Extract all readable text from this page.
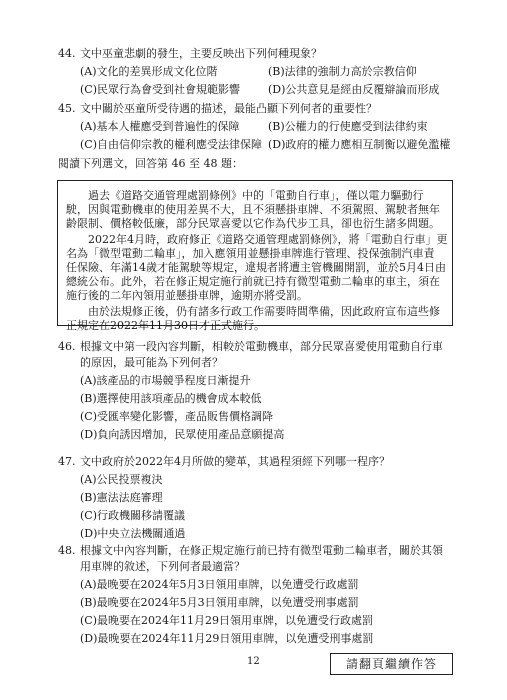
44. 文中巫童悲劇的發生，主要反映出下列何種現象？
(A)文化的差異形成文化位階	(B)法律的強制力高於宗教信仰
(C)民眾行為會受到社會規範影響	(D)公共意見是經由反覆辯論而形成
45. 文中關於巫童所受待遇的描述，最能凸顯下列何者的重要性？
(A)基本人權應受到普遍性的保障	(B)公權力的行使應受到法律約束
(C)自由信仰宗教的權利應受法律保障 (D)政府的權力應相互制衡以避免濫權
閱讀下列選文，回答第 46 至 48 題：
過去《道路交通管理處罰條例》中的「電動自行車」，僅以電力驅動行
駛，因與電動機車的使用差異不大，且不須懸掛車牌、不須駕照、駕駛者無年
齡限制、價格較低廉，部分民眾喜愛以它作為代步工具，卻也衍生諸多問題。
2022年4月時，政府修正《道路交通管理處罰條例》，將「電動自行車」更
名為「微型電動二輪車」，加入應領用並懸掛車牌進行管理、投保強制汽車責
任保險、年滿14歲才能駕駛等規定，違規者將遭主管機關開罰，並於5月4日由
總統公布。此外，若在修正規定施行前就已持有微型電動二輪車的車主，須在
施行後的二年內領用並懸掛車牌，逾期亦將受罰。
由於法規修正後，仍有諸多行政工作需要時間準備，因此政府宣布這些修
正規定在2022年11月30日才正式施行。
46. 根據文中第一段內容判斷，相較於電動機車，部分民眾喜愛使用電動自行車
的原因，最可能為下列何者？
(A)該產品的市場競爭程度日漸提升
(B)選擇使用該項產品的機會成本較低
(C)受匯率變化影響，產品販售價格調降
(D)負向誘因增加，民眾使用產品意願提高
47. 文中政府於2022年4月所做的變革，其過程須經下列哪一程序？
(A)公民投票複決
(B)憲法法庭審理
(C)行政機關移請覆議
(D)中央立法機關通過
48. 根據文中內容判斷，在修正規定施行前已持有微型電動二輪車者，關於其領
用車牌的敘述，下列何者最適當？
(A)最晚要在2024年5月3日領用車牌，以免遭受行政處罰
(B)最晚要在2024年5月3日領用車牌，以免遭受刑事處罰
(C)最晚要在2024年11月29日領用車牌，以免遭受行政處罰
(D)最晚要在2024年11月29日領用車牌，以免遭受刑事處罰
12	請翻頁繼續作答
